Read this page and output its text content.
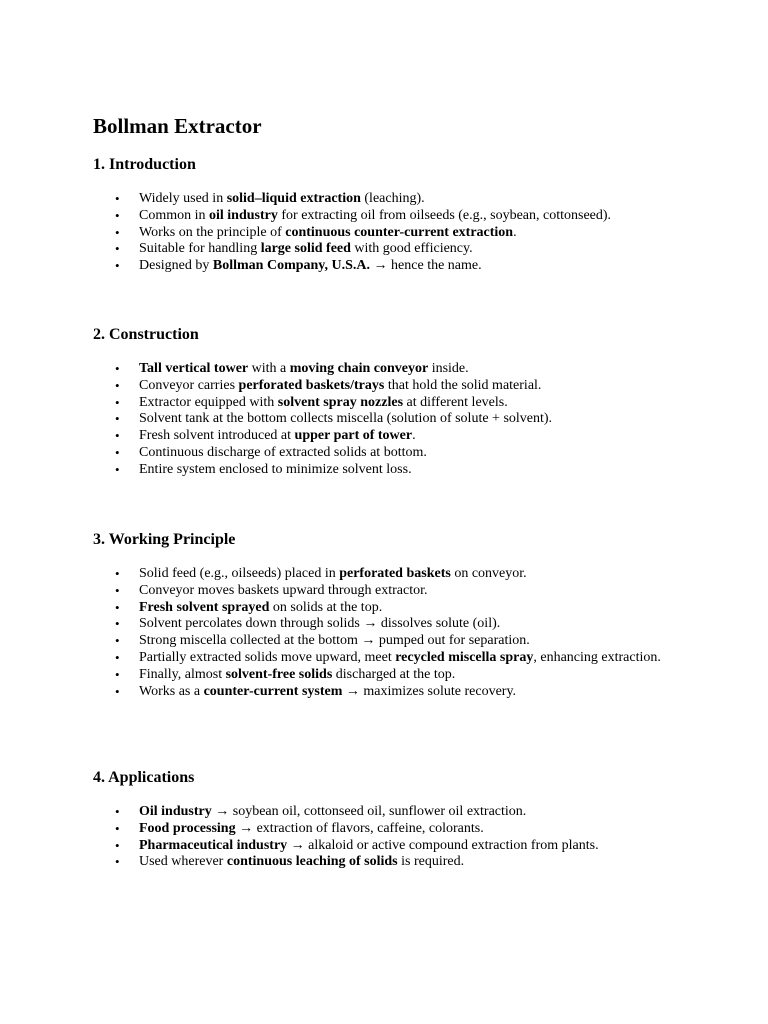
Bollman Extractor
1. Introduction
• Widely used in solid–liquid extraction (leaching).
• Common in oil industry for extracting oil from oilseeds (e.g., soybean, cottonseed).
• Works on the principle of continuous counter-current extraction.
• Suitable for handling large solid feed with good efficiency.
• Designed by Bollman Company, U.S.A. → hence the name.
2. Construction
• Tall vertical tower with a moving chain conveyor inside.
• Conveyor carries perforated baskets/trays that hold the solid material.
• Extractor equipped with solvent spray nozzles at different levels.
• Solvent tank at the bottom collects miscella (solution of solute + solvent).
• Fresh solvent introduced at upper part of tower.
• Continuous discharge of extracted solids at bottom.
• Entire system enclosed to minimize solvent loss.
3. Working Principle
• Solid feed (e.g., oilseeds) placed in perforated baskets on conveyor.
• Conveyor moves baskets upward through extractor.
• Fresh solvent sprayed on solids at the top.
• Solvent percolates down through solids → dissolves solute (oil).
• Strong miscella collected at the bottom → pumped out for separation.
• Partially extracted solids move upward, meet recycled miscella spray, enhancing extraction.
• Finally, almost solvent-free solids discharged at the top.
• Works as a counter-current system → maximizes solute recovery.
4. Applications
• Oil industry → soybean oil, cottonseed oil, sunflower oil extraction.
• Food processing → extraction of flavors, caffeine, colorants.
• Pharmaceutical industry → alkaloid or active compound extraction from plants.
• Used wherever continuous leaching of solids is required.
